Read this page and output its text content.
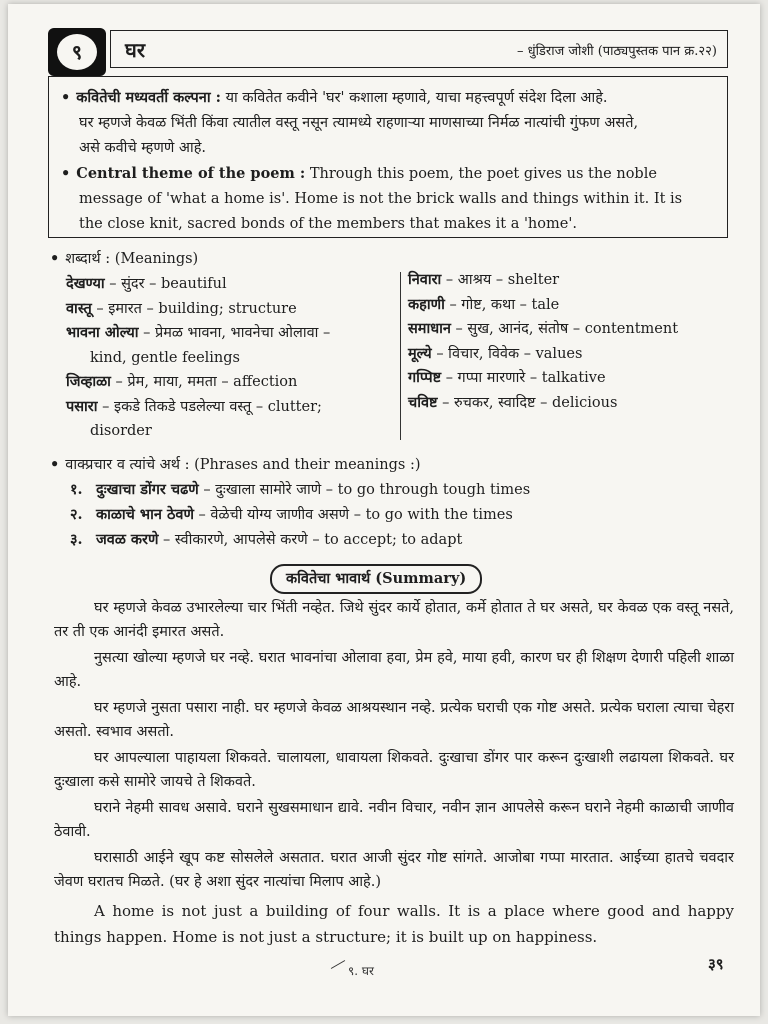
९	घर	– धुंडिराज जोशी (पाठ्यपुस्तक पान क्र.२२)
• कवितेची मध्यवर्ती कल्पना : या कवितेत कवीने 'घर' कशाला म्हणावे, याचा महत्त्वपूर्ण संदेश दिला आहे.
घर म्हणजे केवळ भिंती किंवा त्यातील वस्तू नसून त्यामध्ये राहणाऱ्या माणसाच्या निर्मळ नात्यांची गुंफण असते,
असे कवीचे म्हणणे आहे.
• Central theme of the poem : Through this poem, the poet gives us the noble
message of 'what a home is'. Home is not the brick walls and things within it. It is
the close knit, sacred bonds of the members that makes it a 'home'.
• शब्दार्थ : (Meanings)
देखण्या – सुंदर – beautiful
वास्तू – इमारत – building; structure
भावना ओल्या – प्रेमळ भावना, भावनेचा ओलावा –
kind, gentle feelings
जिव्हाळा – प्रेम, माया, ममता – affection
पसारा – इकडे तिकडे पडलेल्या वस्तू – clutter;
disorder
निवारा – आश्रय – shelter
कहाणी – गोष्ट, कथा – tale
समाधान – सुख, आनंद, संतोष – contentment
मूल्ये – विचार, विवेक – values
गप्पिष्ट – गप्पा मारणारे – talkative
चविष्ट – रुचकर, स्वादिष्ट – delicious
• वाक्प्रचार व त्यांचे अर्थ : (Phrases and their meanings :)
१. दुःखाचा डोंगर चढणे – दुःखाला सामोरे जाणे – to go through tough times
२. काळाचे भान ठेवणे – वेळेची योग्य जाणीव असणे – to go with the times
३. जवळ करणे – स्वीकारणे, आपलेसे करणे – to accept; to adapt
कवितेचा भावार्थ (Summary)

घर म्हणजे केवळ उभारलेल्या चार भिंती नव्हेत. जिथे सुंदर कार्ये होतात, कर्मे होतात ते घर असते, घर केवळ एक वस्तू नसते, तर ती एक आनंदी इमारत असते.

नुसत्या खोल्या म्हणजे घर नव्हे. घरात भावनांचा ओलावा हवा, प्रेम हवे, माया हवी, कारण घर ही शिक्षण देणारी पहिली शाळा आहे.

घर म्हणजे नुसता पसारा नाही. घर म्हणजे केवळ आश्रयस्थान नव्हे. प्रत्येक घराची एक गोष्ट असते. प्रत्येक घराला त्याचा चेहरा असतो. स्वभाव असतो.

घर आपल्याला पाहायला शिकवते. चालायला, धावायला शिकवते. दुःखाचा डोंगर पार करून दुःखाशी लढायला शिकवते. घर दुःखाला कसे सामोरे जायचे ते शिकवते.

घराने नेहमी सावध असावे. घराने सुखसमाधान द्यावे. नवीन विचार, नवीन ज्ञान आपलेसे करून घराने नेहमी काळाची जाणीव ठेवावी.

घरासाठी आईने खूप कष्ट सोसलेले असतात. घरात आजी सुंदर गोष्ट सांगते. आजोबा गप्पा मारतात. आईच्या हातचे चवदार जेवण घरातच मिळते. (घर हे अशा सुंदर नात्यांचा मिलाप आहे.)

A home is not just a building of four walls. It is a place where good and happy things happen. Home is not just a structure; it is built up on happiness.

९. घर	३९
